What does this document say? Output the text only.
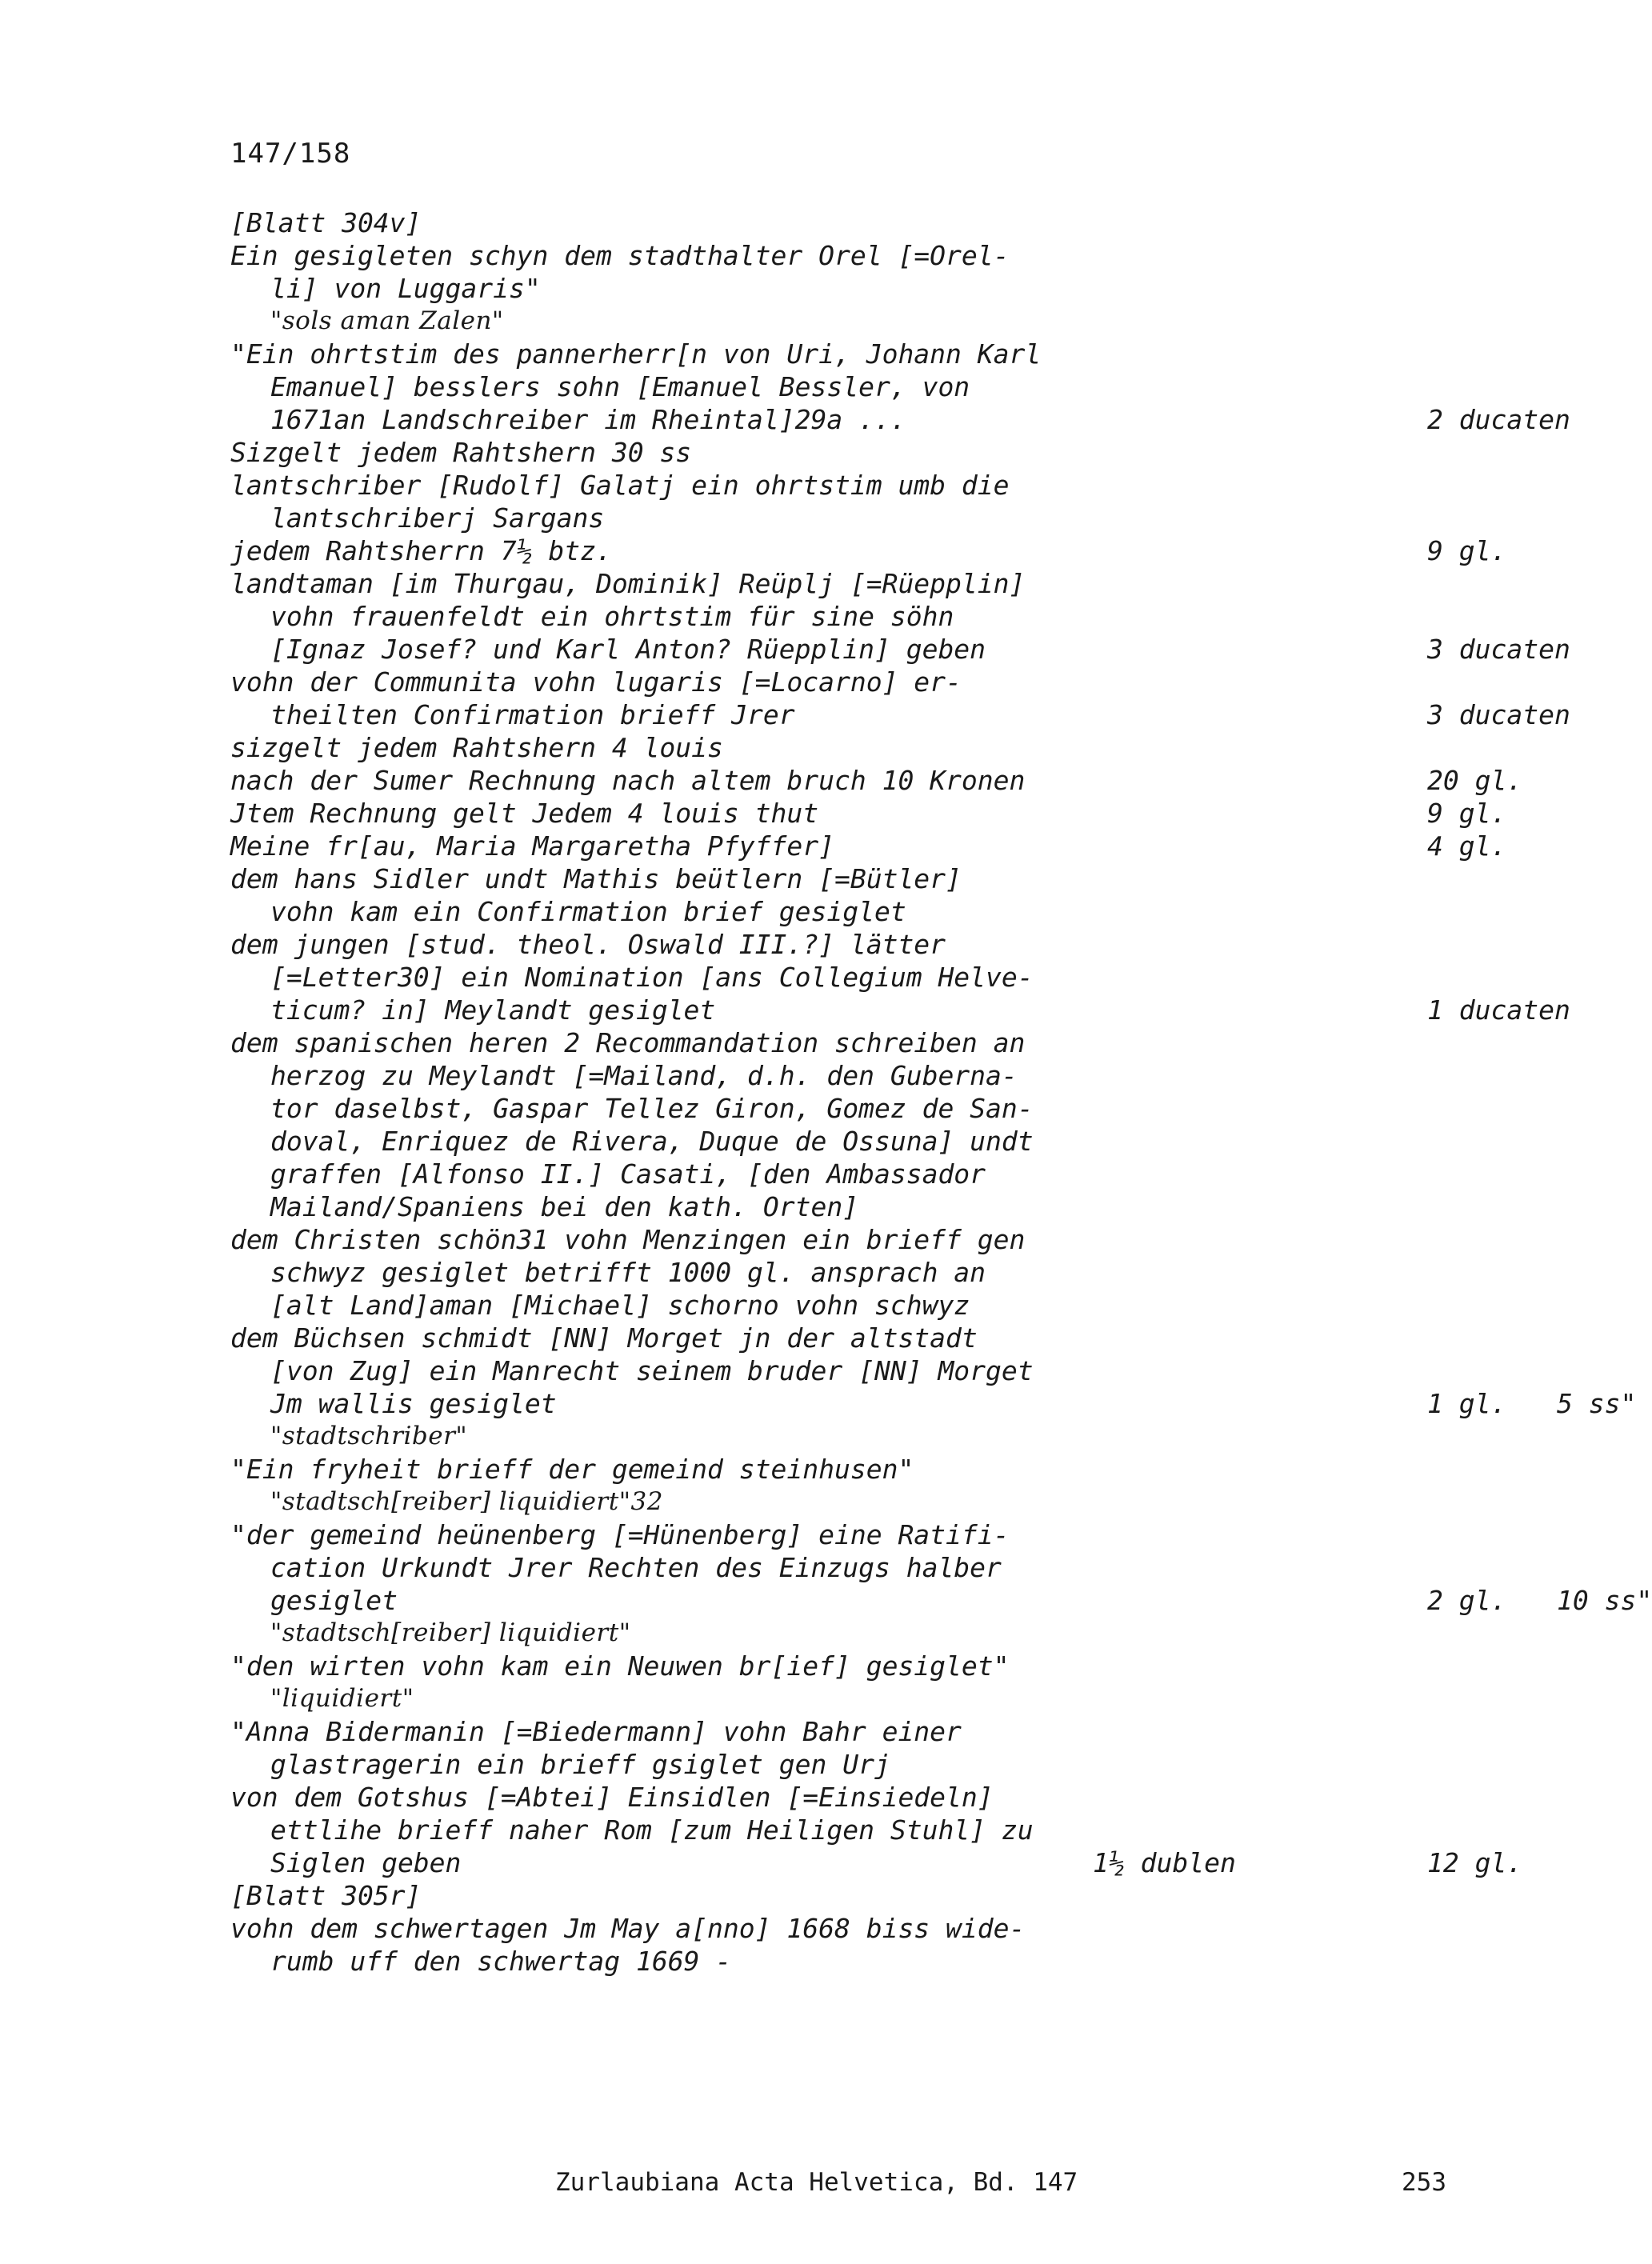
147/158
[Blatt 304v]
Ein gesigleten schyn dem stadthalter Orel [=Orel-
li] von Luggaris"
"sols aman Zalen"
"Ein ohrtstim des pannerherr[n von Uri, Johann Karl
Emanuel] besslers sohn [Emanuel Bessler, von
1671an Landschreiber im Rheintal]29a ...	2 ducaten
Sizgelt jedem Rahtshern 30 ss
lantschriber [Rudolf] Galatj ein ohrtstim umb die
lantschriberj Sargans
jedem Rahtsherrn 7½ btz.	9 gl.
landtaman [im Thurgau, Dominik] Reüplj [=Rüepplin]
vohn frauenfeldt ein ohrtstim für sine söhn
[Ignaz Josef? und Karl Anton? Rüepplin] geben	3 ducaten
vohn der Communita vohn lugaris [=Locarno] er-
theilten Confirmation brieff Jrer	3 ducaten
sizgelt jedem Rahtshern 4 louis
nach der Sumer Rechnung nach altem bruch 10 Kronen	20 gl.
Jtem Rechnung gelt Jedem 4 louis thut	9 gl.
Meine fr[au, Maria Margaretha Pfyffer]	4 gl.
dem hans Sidler undt Mathis beütlern [=Bütler]
vohn kam ein Confirmation brief gesiglet
dem jungen [stud. theol. Oswald III.?] lätter
[=Letter30] ein Nomination [ans Collegium Helve-
ticum? in] Meylandt gesiglet	1 ducaten
dem spanischen heren 2 Recommandation schreiben an
herzog zu Meylandt [=Mailand, d.h. den Guberna-
tor daselbst, Gaspar Tellez Giron, Gomez de San-
doval, Enriquez de Rivera, Duque de Ossuna] undt
graffen [Alfonso II.] Casati, [den Ambassador
Mailand/Spaniens bei den kath. Orten]
dem Christen schön31 vohn Menzingen ein brieff gen
schwyz gesiglet betrifft 1000 gl. ansprach an
[alt Land]aman [Michael] schorno vohn schwyz
dem Büchsen schmidt [NN] Morget jn der altstadt
[von Zug] ein Manrecht seinem bruder [NN] Morget
Jm wallis gesiglet	1 gl. 5 ss"
"stadtschriber"
"Ein fryheit brieff der gemeind steinhusen"
"stadtsch[reiber] liquidiert"32
"der gemeind heünenberg [=Hünenberg] eine Ratifi-
cation Urkundt Jrer Rechten des Einzugs halber
gesiglet	2 gl. 10 ss"
"stadtsch[reiber] liquidiert"
"den wirten vohn kam ein Neuwen br[ief] gesiglet"
"liquidiert"
"Anna Bidermanin [=Biedermann] vohn Bahr einer
glastragerin ein brieff gsiglet gen Urj
von dem Gotshus [=Abtei] Einsidlen [=Einsiedeln]
ettlihe brieff naher Rom [zum Heiligen Stuhl] zu
Siglen geben	1½ dublen	12 gl.
[Blatt 305r]
vohn dem schwertagen Jm May a[nno] 1668 biss wide-
rumb uff den schwertag 1669 -
Zurlaubiana Acta Helvetica, Bd. 147	253
